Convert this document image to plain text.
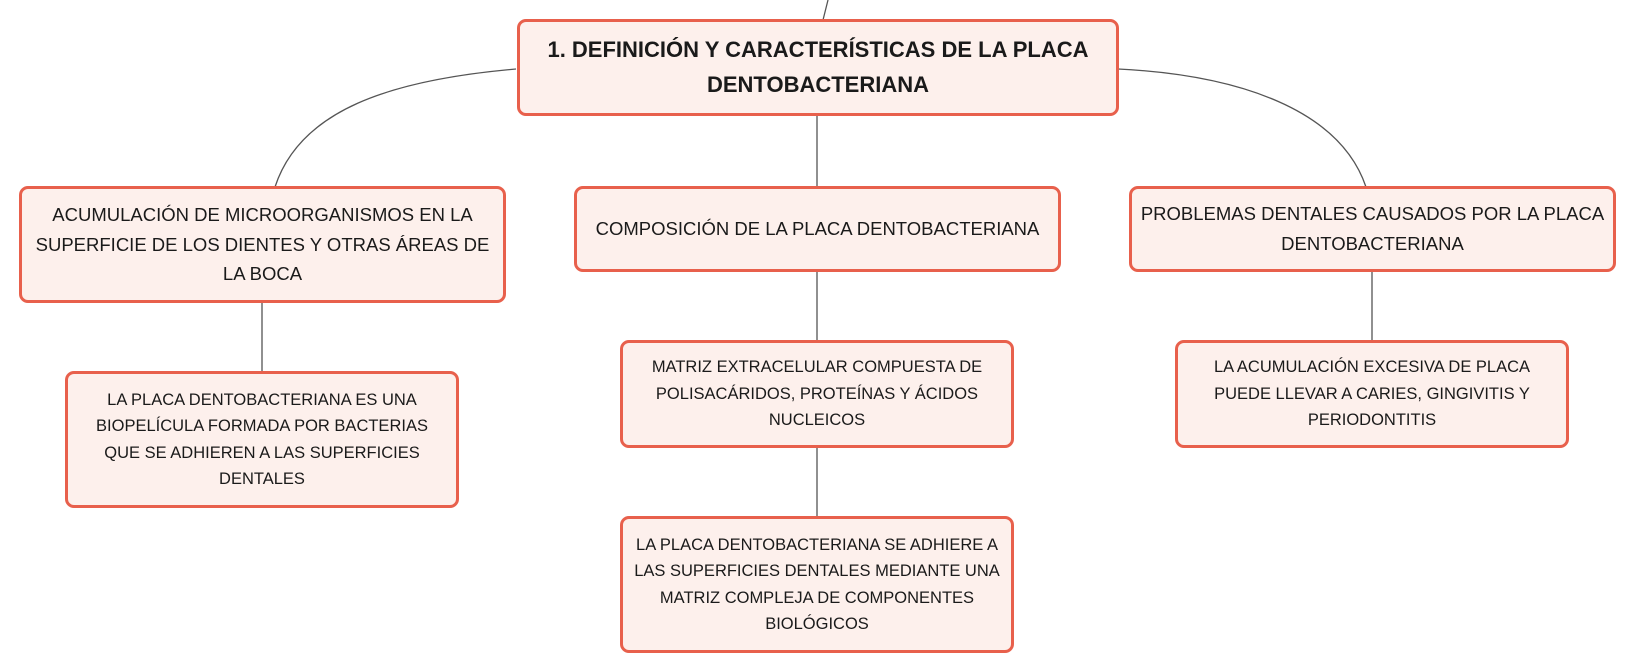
1. DEFINICIÓN Y CARACTERÍSTICAS DE LA PLACA DENTOBACTERIANA
ACUMULACIÓN DE MICROORGANISMOS EN LA SUPERFICIE DE LOS DIENTES Y OTRAS ÁREAS DE LA BOCA
COMPOSICIÓN DE LA PLACA DENTOBACTERIANA
PROBLEMAS DENTALES CAUSADOS POR LA PLACA DENTOBACTERIANA
LA PLACA DENTOBACTERIANA ES UNA BIOPELÍCULA FORMADA POR BACTERIAS QUE SE ADHIEREN A LAS SUPERFICIES DENTALES
MATRIZ EXTRACELULAR COMPUESTA DE POLISACÁRIDOS, PROTEÍNAS Y ÁCIDOS NUCLEICOS
LA PLACA DENTOBACTERIANA SE ADHIERE A LAS SUPERFICIES DENTALES MEDIANTE UNA MATRIZ COMPLEJA DE COMPONENTES BIOLÓGICOS
LA ACUMULACIÓN EXCESIVA DE PLACA PUEDE LLEVAR A CARIES, GINGIVITIS Y PERIODONTITIS
